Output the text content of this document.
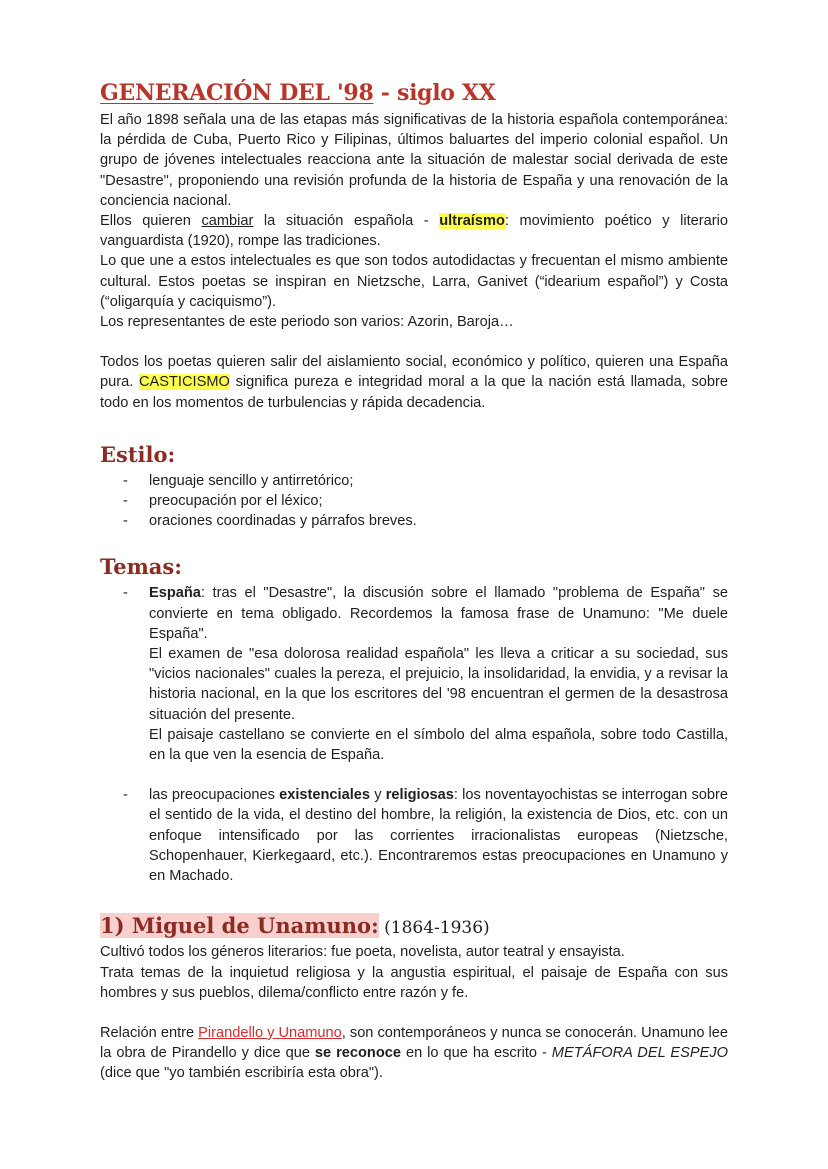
GENERACIÓN DEL '98 - siglo XX

El año 1898 señala una de las etapas más significativas de la historia española contemporánea: la pérdida de Cuba, Puerto Rico y Filipinas, últimos baluartes del imperio colonial español. Un grupo de jóvenes intelectuales reacciona ante la situación de malestar social derivada de este "Desastre", proponiendo una revisión profunda de la historia de España y una renovación de la conciencia nacional.

Ellos quieren cambiar la situación española - ultraísmo: movimiento poético y literario vanguardista (1920), rompe las tradiciones.

Lo que une a estos intelectuales es que son todos autodidactas y frecuentan el mismo ambiente cultural. Estos poetas se inspiran en Nietzsche, Larra, Ganivet (“idearium español”) y Costa (“oligarquía y caciquismo”).

Los representantes de este periodo son varios: Azorin, Baroja…

Todos los poetas quieren salir del aislamiento social, económico y político, quieren una España pura. CASTICISMO significa pureza e integridad moral a la que la nación está llamada, sobre todo en los momentos de turbulencias y rápida decadencia.

Estilo:
- lenguaje sencillo y antirretórico;
- preocupación por el léxico;
- oraciones coordinadas y párrafos breves.
Temas:
- España: tras el "Desastre", la discusión sobre el llamado "problema de España" se convierte en tema obligado. Recordemos la famosa frase de Unamuno: "Me duele España".
El examen de "esa dolorosa realidad española" les lleva a criticar a su sociedad, sus "vicios nacionales" cuales la pereza, el prejuicio, la insolidaridad, la envidia, y a revisar la historia nacional, en la que los escritores del '98 encuentran el germen de la desastrosa situación del presente.
El paisaje castellano se convierte en el símbolo del alma española, sobre todo Castilla, en la que ven la esencia de España.
- las preocupaciones existenciales y religiosas: los noventayochistas se interrogan sobre el sentido de la vida, el destino del hombre, la religión, la existencia de Dios, etc. con un enfoque intensificado por las corrientes irracionalistas europeas (Nietzsche, Schopenhauer, Kierkegaard, etc.). Encontraremos estas preocupaciones en Unamuno y en Machado.
1) Miguel de Unamuno: (1864-1936)

Cultivó todos los géneros literarios: fue poeta, novelista, autor teatral y ensayista.

Trata temas de la inquietud religiosa y la angustia espiritual, el paisaje de España con sus hombres y sus pueblos, dilema/conflicto entre razón y fe.

Relación entre Pirandello y Unamuno, son contemporáneos y nunca se conocerán. Unamuno lee la obra de Pirandello y dice que se reconoce en lo que ha escrito - METÁFORA DEL ESPEJO (dice que "yo también escribiría esta obra").
